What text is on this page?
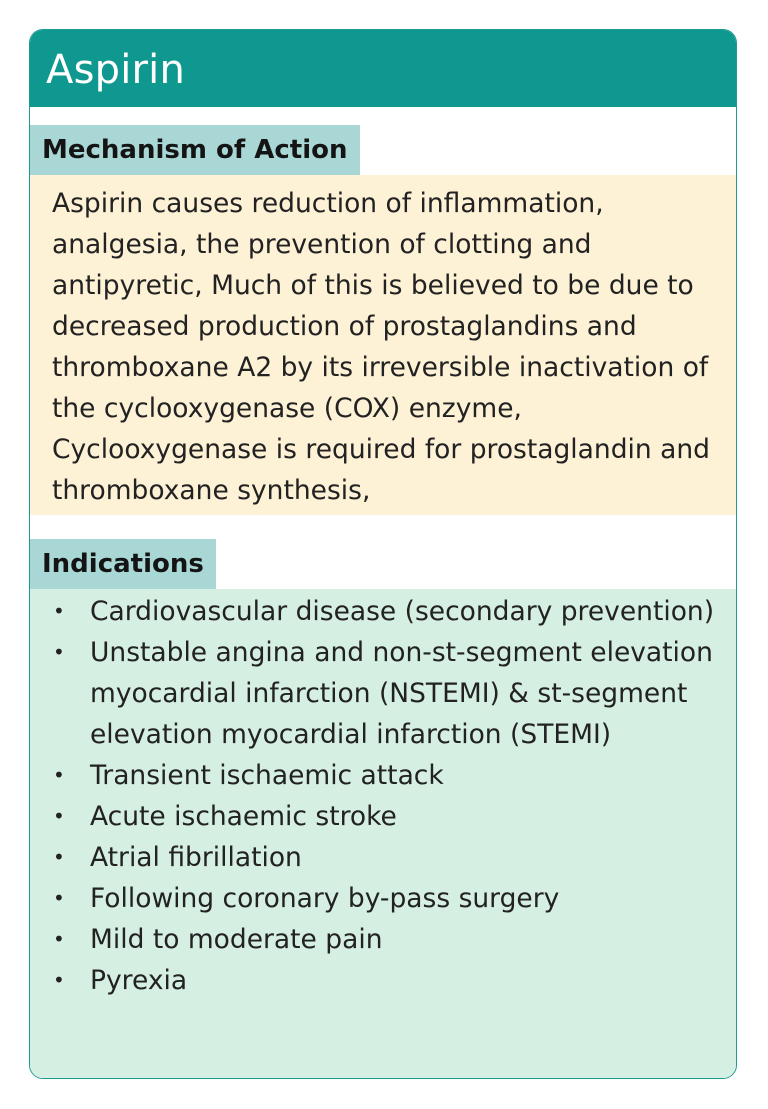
Aspirin
Mechanism of Action
Aspirin causes reduction of inflammation, analgesia, the prevention of clotting and antipyretic, Much of this is believed to be due to decreased production of prostaglandins and thromboxane A2 by its irreversible inactivation of the cyclooxygenase (COX) enzyme, Cyclooxygenase is required for prostaglandin and thromboxane synthesis,
Indications
• Cardiovascular disease (secondary prevention)
• Unstable angina and non-st-segment elevation myocardial infarction (NSTEMI) & st-segment elevation myocardial infarction (STEMI)
• Transient ischaemic attack
• Acute ischaemic stroke
• Atrial fibrillation
• Following coronary by-pass surgery
• Mild to moderate pain
• Pyrexia
